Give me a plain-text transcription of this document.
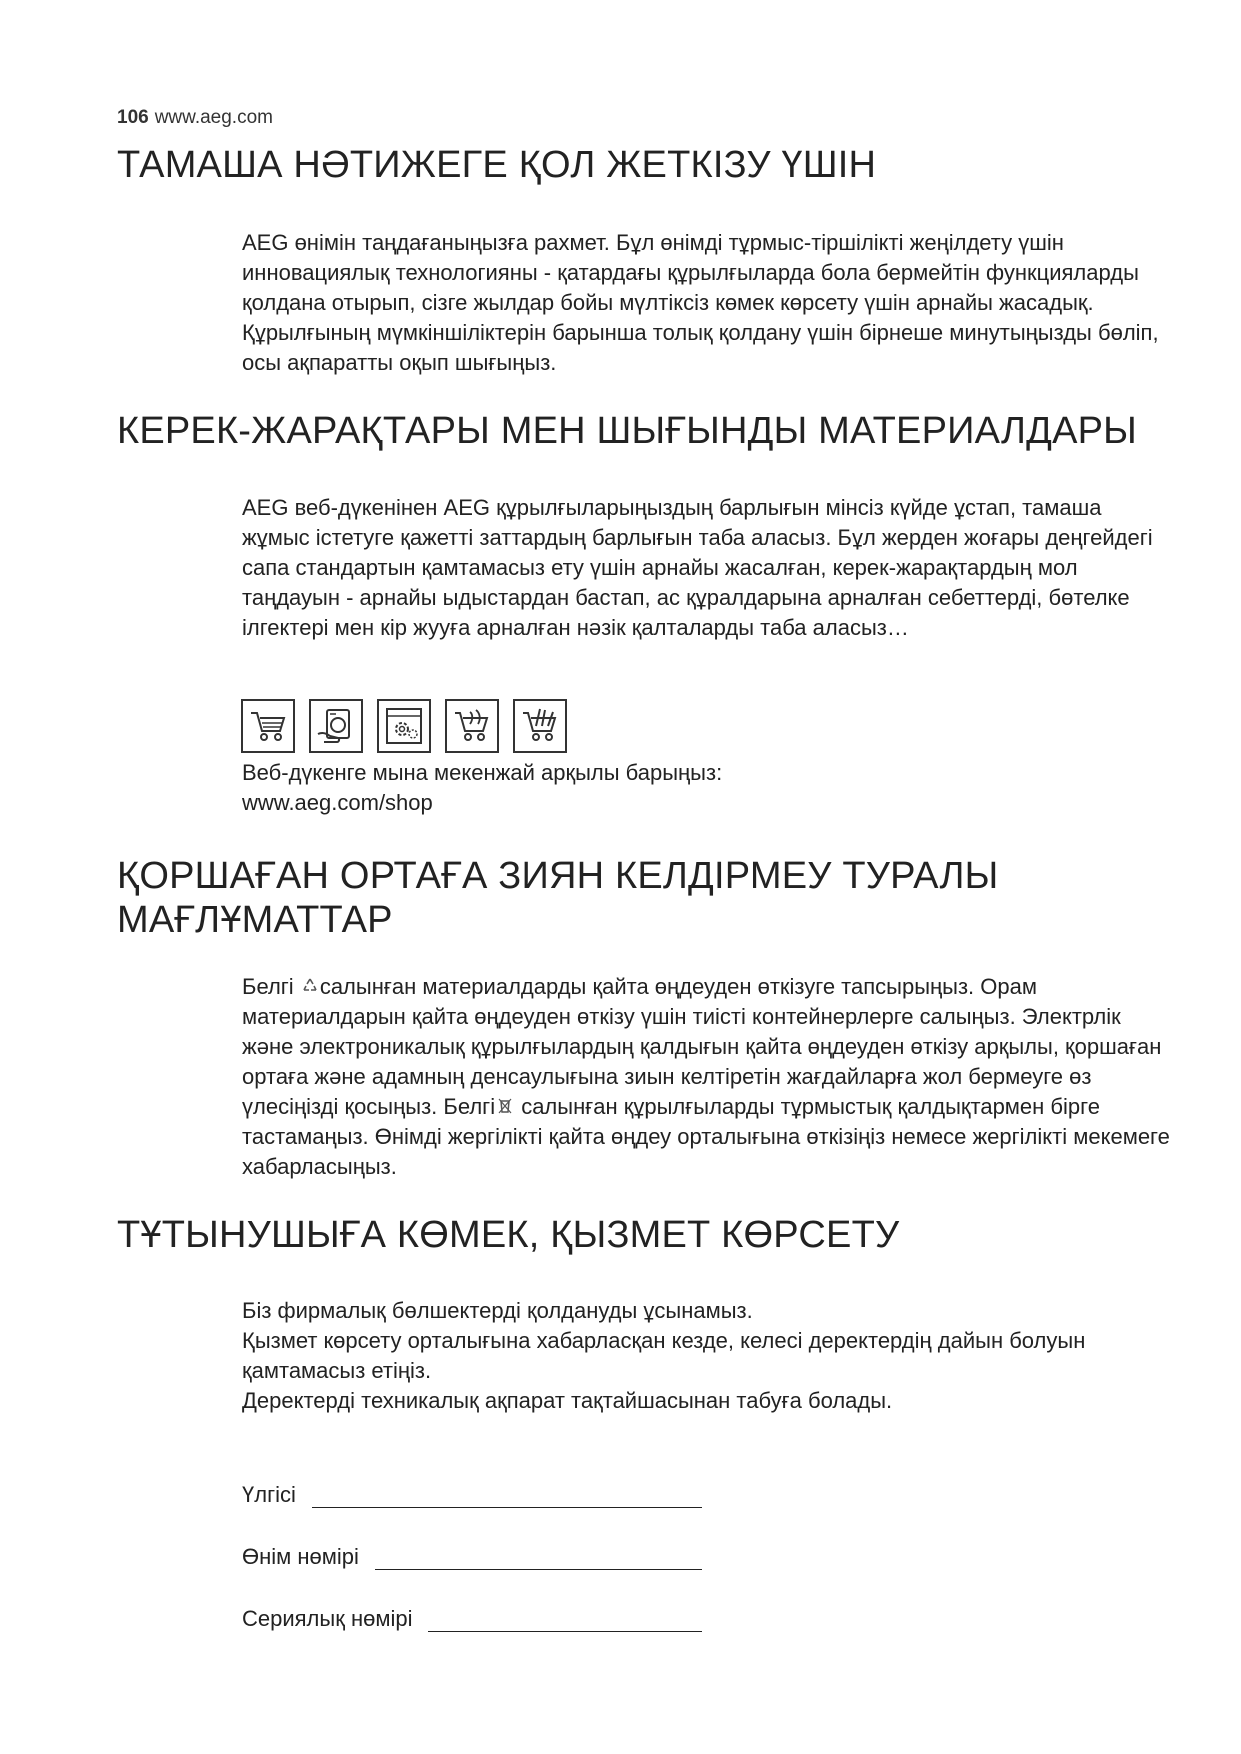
106 www.aeg.com
ТАМАША НӘТИЖЕГЕ ҚОЛ ЖЕТКІЗУ ҮШІН

AEG өнімін таңдағаныңызға рахмет. Бұл өнімді тұрмыс-тіршілікті жеңілдету үшін инновациялық технологияны - қатардағы құрылғыларда бола бермейтін функцияларды қолдана отырып, сізге жылдар бойы мүлтіксіз көмек көрсету үшін арнайы жасадық. Құрылғының мүмкіншіліктерін барынша толық қолдану үшін бірнеше минутыңызды бөліп, осы ақпаратты оқып шығыңыз.

КЕРЕК-ЖАРАҚТАРЫ МЕН ШЫҒЫНДЫ МАТЕРИАЛДАРЫ

AEG веб-дүкенінен AEG құрылғыларыңыздың барлығын мінсіз күйде ұстап, тамаша жұмыс істетуге қажетті заттардың барлығын таба аласыз. Бұл жерден жоғары деңгейдегі сапа стандартын қамтамасыз ету үшін арнайы жасалған, керек-жарақтардың мол таңдауын - арнайы ыдыстардан бастап, ас құралдарына арналған себеттерді, бөтелке ілгектері мен кір жууға арналған нәзік қалталарды таба аласыз…

Веб-дүкенге мына мекенжай арқылы барыңыз:

www.aeg.com/shop

ҚОРШАҒАН ОРТАҒА ЗИЯН КЕЛДІРМЕУ ТУРАЛЫ
МАҒЛҰМАТТАР

Белгі салынған материалдарды қайта өңдеуден өткізуге тапсырыңыз. Орам материалдарын қайта өңдеуден өткізу үшін тиісті контейнерлерге салыңыз. Электрлік және электроникалық құрылғылардың қалдығын қайта өңдеуден өткізу арқылы, қоршаған ортаға және адамның денсаулығына зиын келтіретін жағдайларға жол бермеуге өз үлесіңізді қосыңыз. Белгі салынған құрылғыларды тұрмыстық қалдықтармен бірге тастамаңыз. Өнімді жергілікті қайта өңдеу орталығына өткізіңіз немесе жергілікті мекемеге хабарласыңыз.

ТҰТЫНУШЫҒА КӨМЕК, ҚЫЗМЕТ КӨРСЕТУ

Біз фирмалық бөлшектерді қолдануды ұсынамыз.

Қызмет көрсету орталығына хабарласқан кезде, келесі деректердің дайын болуын қамтамасыз етіңіз.

Деректерді техникалық ақпарат тақтайшасынан табуға болады.

Үлгісі
Өнім нөмірі
Сериялық нөмірі
